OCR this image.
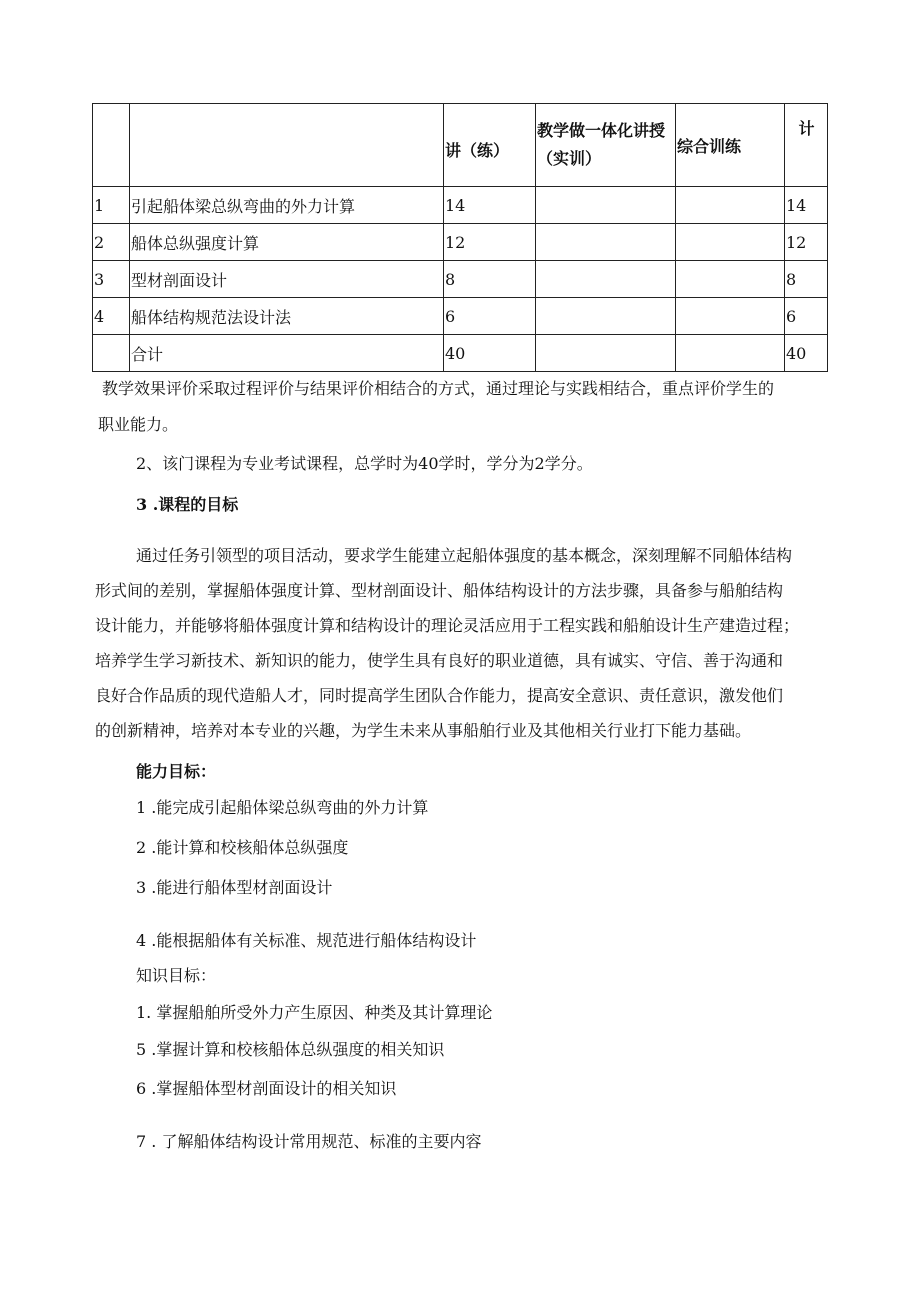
		讲（练）	教学做一体化讲授
（实训）	综合训练	计
1	引起船体梁总纵弯曲的外力计算	14			14
2	船体总纵强度计算	12			12
3	型材剖面设计	8			8
4	船体结构规范法设计法	6			6
	合计	40			40
教学效果评价采取过程评价与结果评价相结合的方式，通过理论与实践相结合，重点评价学生的
职业能力。
2、该门课程为专业考试课程，总学时为40学时，学分为2学分。
3 .课程的目标
通过任务引领型的项目活动，要求学生能建立起船体强度的基本概念，深刻理解不同船体结构
形式间的差别，掌握船体强度计算、型材剖面设计、船体结构设计的方法步骤，具备参与船舶结构
设计能力，并能够将船体强度计算和结构设计的理论灵活应用于工程实践和船舶设计生产建造过程；
培养学生学习新技术、新知识的能力，使学生具有良好的职业道德，具有诚实、守信、善于沟通和
良好合作品质的现代造船人才，同时提高学生团队合作能力，提高安全意识、责任意识，激发他们
的创新精神，培养对本专业的兴趣，为学生未来从事船舶行业及其他相关行业打下能力基础。
能力目标：
1 .能完成引起船体梁总纵弯曲的外力计算
2 .能计算和校核船体总纵强度
3 .能进行船体型材剖面设计
4 .能根据船体有关标准、规范进行船体结构设计
知识目标：
1. 掌握船舶所受外力产生原因、种类及其计算理论
5 .掌握计算和校核船体总纵强度的相关知识
6 .掌握船体型材剖面设计的相关知识
7 . 了解船体结构设计常用规范、标准的主要内容
